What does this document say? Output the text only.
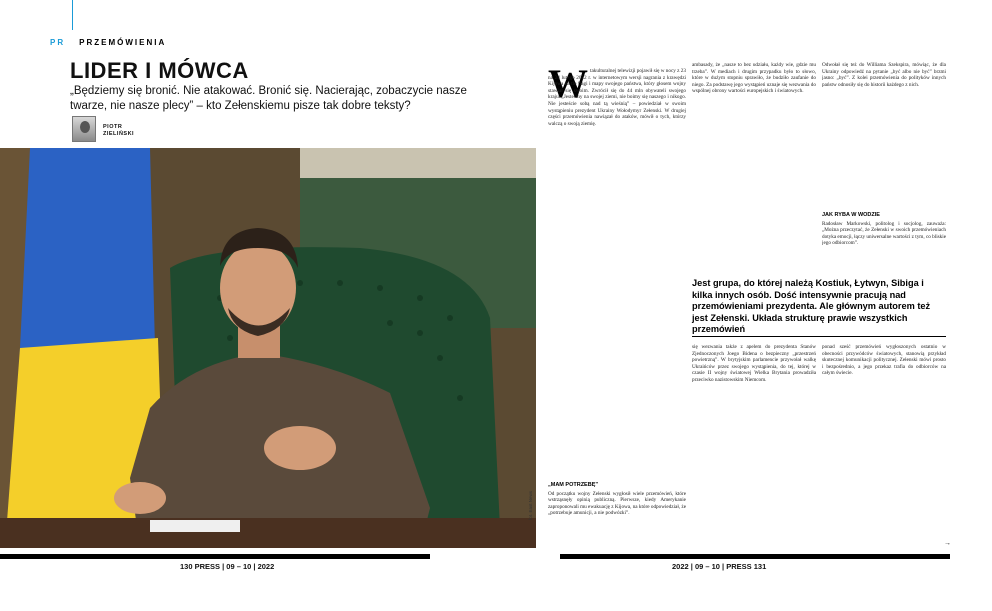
PR PRZEMÓWIENIA
LIDER I MÓWCA
„Będziemy się bronić. Nie atakować. Bronić się. Nacierając, zobaczycie nasze twarze, nie nasze plecy” – kto Zełenskiemu pisze tak dobre teksty?
PIOTR
ZIELIŃSKI
fot. East News
130 PRESS | 09 – 10 | 2022
W takulturalnej telewizji pojawił się w nocy z 23 na 24 lutego 2022 r. w internetowym wersji nagrania z krawędzi Kijowa na tle flagi i mapy swojego państwa, który głosem wojny stawiał się swoim. Zwrócił się do 44 mln obywateli swojego kraju. „Jesteśmy na swojej ziemi, nie boimy się naszego i nikogo. Nie jesteście sobą nad tą wieśnią” – powiedział w swoim wystąpieniu prezydent Ukrainy Wołodymyr Zełenski. W drugiej części przemówienia nawiązał do ataków, mówił o tych, którzy walczą o swoją ziemię.
„MAM POTRZEBĘ”
Od początku wojny Zełenski wygłosił wiele przemówień, które wstrząsnęły opinią publiczną. Pierwsze, kiedy Amerykanie zaproponowali mu ewakuację z Kijowa, na które odpowiedział, że „potrzebuje amunicji, a nie podwózki”.
ambasady, że „nasze to bez udziału, każdy wie, gdzie mu trzeba”. W mediach i drugim przypadku było to słowo, które w dużym stopniu sprawiło, że budziło zaufanie do niego. Za podstawę jego wystąpień uznaje się wezwania do wspólnej obrony wartości europejskich i światowych.
się wezwania także z apelem do prezydenta Stanów Zjednoczonych Joego Bidena o bezpieczny „przestrzeń powietrzną”. W brytyjskim parlamencie przywołał walkę Ukraińców przez swojego wystąpienia, do tej, której w czasie II wojny światowej Wielka Brytania prowadziła przeciwko nazistowskim Niemcom.
Odwołał się też do Williama Szekspira, mówiąc, że dla Ukrainy odpowiedź na pytanie „być albo nie być” brzmi jasno: „być”. Z kolei przemówienia do polityków innych państw odnosiły się do historii każdego z nich.
JAK RYBA W WODZIE
Radosław Markowski, politolog i socjolog, zauważa: „Można przeczytać, że Zełenski w swoich przemówieniach dotyka emocji, łączy uniwersalne wartości z tym, co bliskie jego odbiorcom”.
ponad sześć przemówień wygłoszonych ostatnio w obecności przywódców światowych, stanowią przykład skutecznej komunikacji politycznej. Zełenski mówi prosto i bezpośrednio, a jego przekaz trafia do odbiorców na całym świecie.
Jest grupa, do której należą Kostiuk, Łytwyn, Sibiga i kilka innych osób. Dość intensywnie pracują nad przemówieniami prezydenta. Ale głównym autorem też jest Zełenski. Układa strukturę prawie wszystkich przemówień
→
2022 | 09 – 10 | PRESS 131
